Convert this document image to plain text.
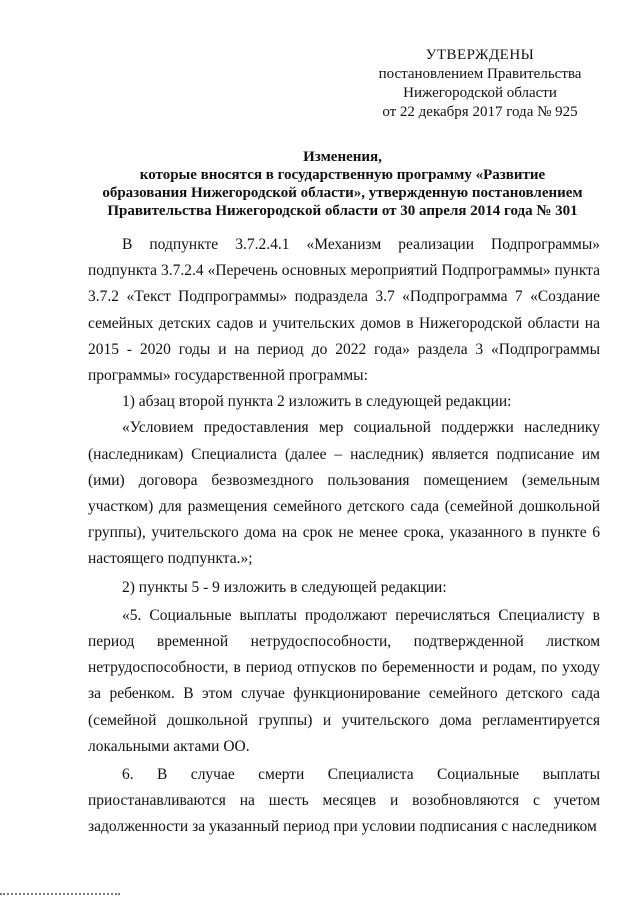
УТВЕРЖДЕНЫ
постановлением Правительства
Нижегородской области
от 22 декабря 2017 года № 925
Изменения,
которые вносятся в государственную программу «Развитие
образования Нижегородской области», утвержденную постановлением
Правительства Нижегородской области от 30 апреля 2014 года № 301

В подпункте 3.7.2.4.1 «Механизм реализации Подпрограммы» подпункта 3.7.2.4 «Перечень основных мероприятий Подпрограммы» пункта 3.7.2 «Текст Подпрограммы» подраздела 3.7 «Подпрограмма 7 «Создание семейных детских садов и учительских домов в Нижегородской области на 2015 - 2020 годы и на период до 2022 года» раздела 3 «Подпрограммы программы» государственной программы:

1) абзац второй пункта 2 изложить в следующей редакции:

«Условием предоставления мер социальной поддержки наследнику (наследникам) Специалиста (далее – наследник) является подписание им (ими) договора безвозмездного пользования помещением (земельным участком) для размещения семейного детского сада (семейной дошкольной группы), учительского дома на срок не менее срока, указанного в пункте 6 настоящего подпункта.»;

2) пункты 5 - 9 изложить в следующей редакции:

«5. Социальные выплаты продолжают перечисляться Специалисту в период временной нетрудоспособности, подтвержденной листком нетрудоспособности, в период отпусков по беременности и родам, по уходу за ребенком. В этом случае функционирование семейного детского сада (семейной дошкольной группы) и учительского дома регламентируется локальными актами ОО.

6. В случае смерти Специалиста Социальные выплаты приостанавливаются на шесть месяцев и возобновляются с учетом задолженности за указанный период при условии подписания с наследником
